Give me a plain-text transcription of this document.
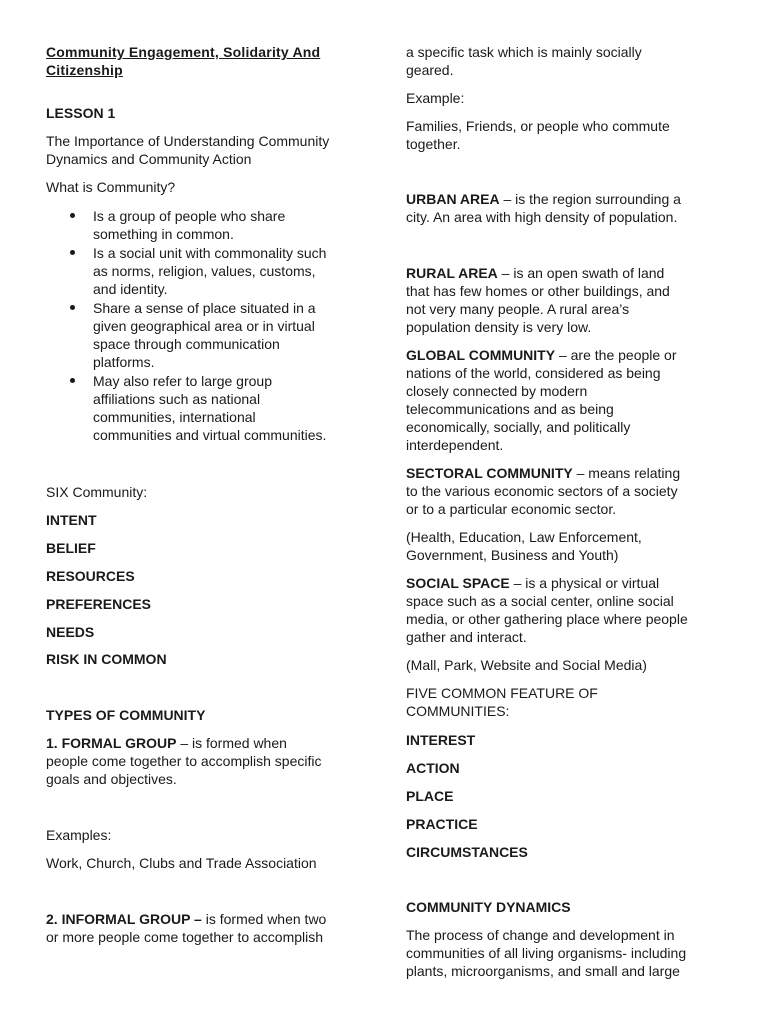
Community Engagement, Solidarity And
Citizenship
LESSON 1
The Importance of Understanding Community
Dynamics and Community Action
What is Community?
Is a group of people who share
something in common.
Is a social unit with commonality such
as norms, religion, values, customs,
and identity.
Share a sense of place situated in a
given geographical area or in virtual
space through communication
platforms.
May also refer to large group
affiliations such as national
communities, international
communities and virtual communities.
SIX Community:
INTENT
BELIEF
RESOURCES
PREFERENCES
NEEDS
RISK IN COMMON
TYPES OF COMMUNITY
1. FORMAL GROUP – is formed when
people come together to accomplish specific
goals and objectives.
Examples:
Work, Church, Clubs and Trade Association
2. INFORMAL GROUP – is formed when two
or more people come together to accomplish
a specific task which is mainly socially
geared.
Example:
Families, Friends, or people who commute
together.
URBAN AREA – is the region surrounding a
city. An area with high density of population.
RURAL AREA – is an open swath of land
that has few homes or other buildings, and
not very many people. A rural area’s
population density is very low.
GLOBAL COMMUNITY – are the people or
nations of the world, considered as being
closely connected by modern
telecommunications and as being
economically, socially, and politically
interdependent.
SECTORAL COMMUNITY – means relating
to the various economic sectors of a society
or to a particular economic sector.
(Health, Education, Law Enforcement,
Government, Business and Youth)
SOCIAL SPACE – is a physical or virtual
space such as a social center, online social
media, or other gathering place where people
gather and interact.
(Mall, Park, Website and Social Media)
FIVE COMMON FEATURE OF
COMMUNITIES:
INTEREST
ACTION
PLACE
PRACTICE
CIRCUMSTANCES
COMMUNITY DYNAMICS
The process of change and development in
communities of all living organisms- including
plants, microorganisms, and small and large
